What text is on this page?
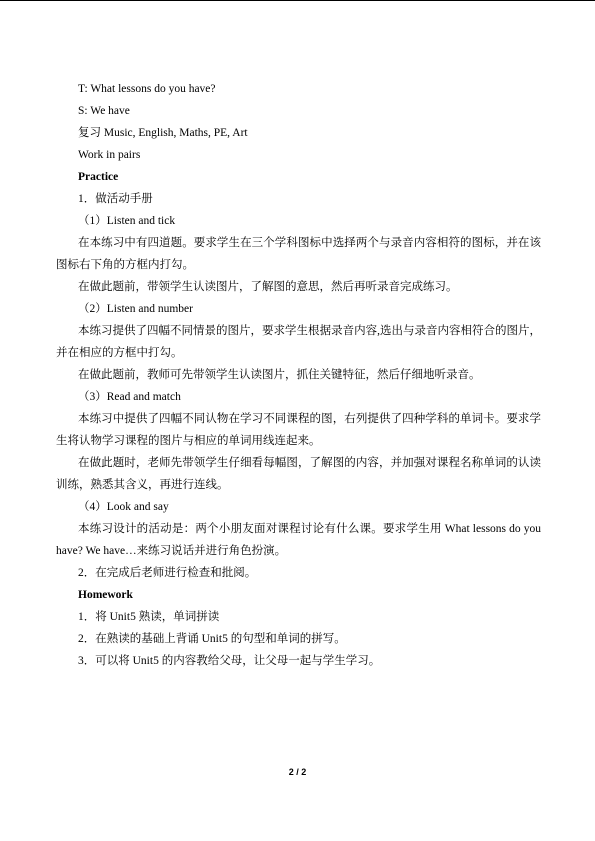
T: What lessons do you have?
S: We have
复习 Music, English, Maths, PE, Art
Work in pairs
Practice
1．做活动手册
（1）Listen and tick
在本练习中有四道题。要求学生在三个学科图标中选择两个与录音内容相符的图标，并在该图标右下角的方框内打勾。
在做此题前，带领学生认读图片，了解图的意思，然后再听录音完成练习。
（2）Listen and number
本练习提供了四幅不同情景的图片，要求学生根据录音内容,选出与录音内容相符合的图片，并在相应的方框中打勾。
在做此题前，教师可先带领学生认读图片，抓住关键特征，然后仔细地听录音。
（3）Read and match
本练习中提供了四幅不同认物在学习不同课程的图，右列提供了四种学科的单词卡。要求学生将认物学习课程的图片与相应的单词用线连起来。
在做此题时，老师先带领学生仔细看每幅图，了解图的内容，并加强对课程名称单词的认读训练，熟悉其含义，再进行连线。
（4）Look and say
本练习设计的活动是：两个小朋友面对课程讨论有什么课。要求学生用 What lessons do you have? We have…来练习说话并进行角色扮演。
2．在完成后老师进行检查和批阅。
Homework
1．将 Unit5 熟读，单词拼读
2．在熟读的基础上背诵 Unit5 的句型和单词的拼写。
3．可以将 Unit5 的内容教给父母，让父母一起与学生学习。
2 / 2
